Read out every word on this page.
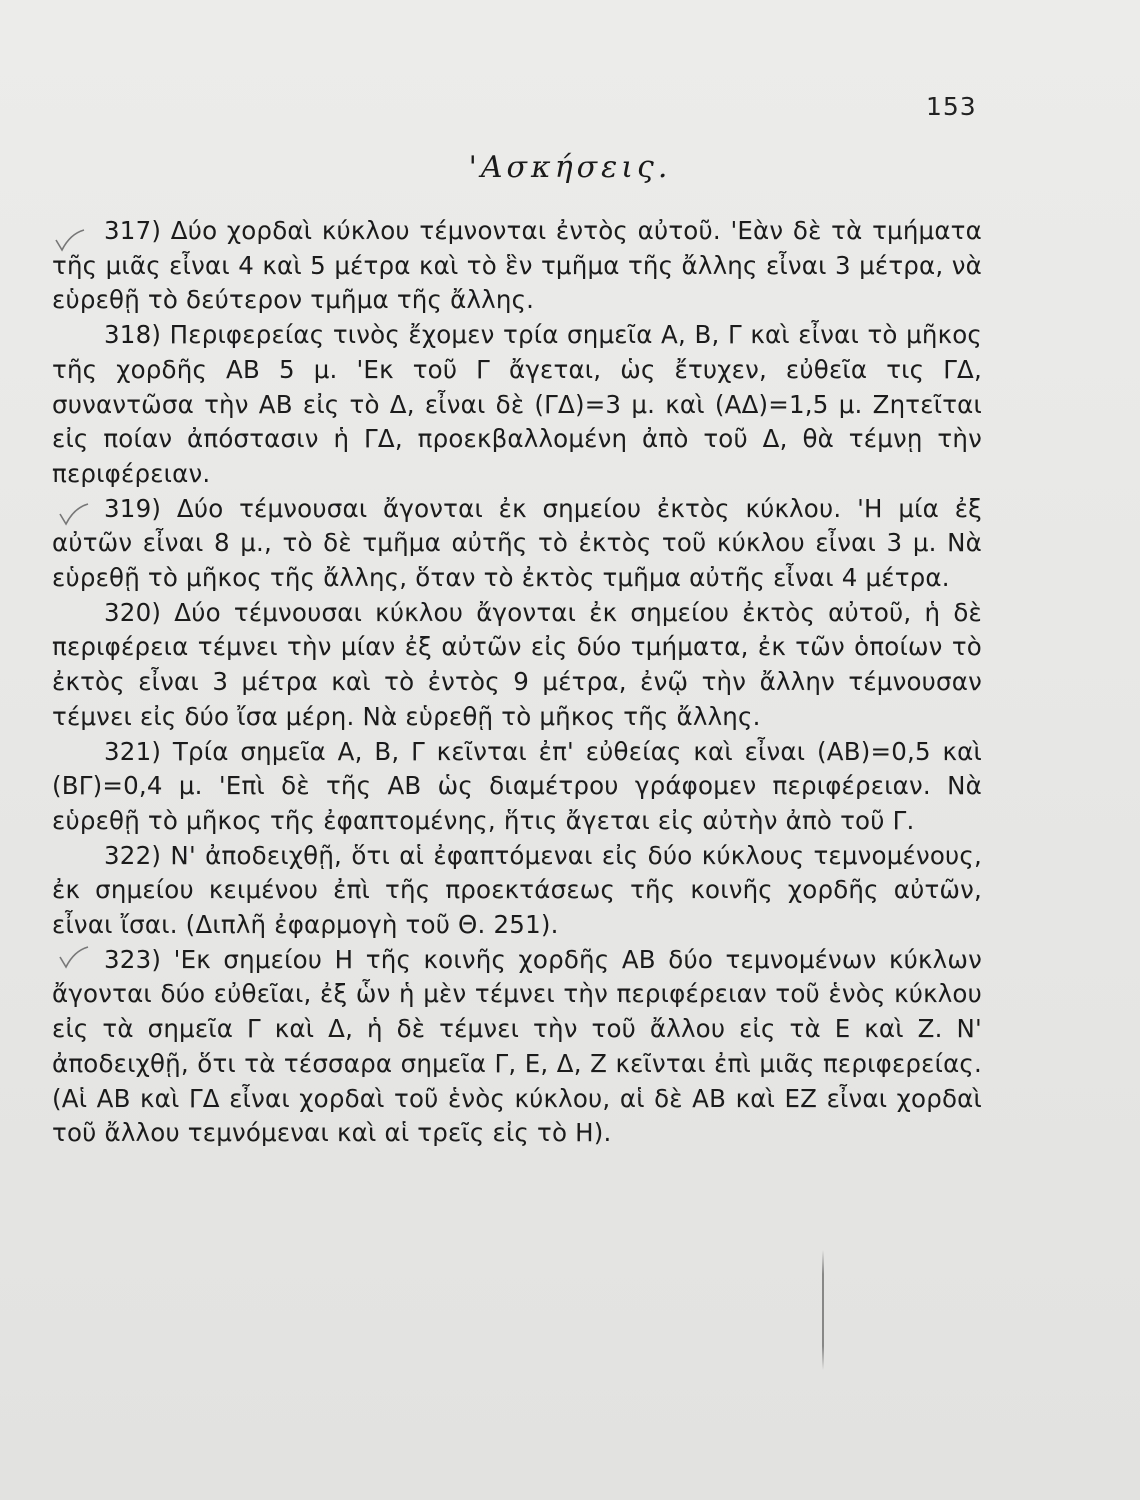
153
'Ασκήσεις.

317) Δύο χορδαὶ κύκλου τέμνονται ἐντὸς αὐτοῦ. 'Εὰν δὲ τὰ τμήματα τῆς μιᾶς εἶναι 4 καὶ 5 μέτρα καὶ τὸ ἓν τμῆμα τῆς ἄλλης εἶναι 3 μέτρα, νὰ εὑρεθῇ τὸ δεύτερον τμῆμα τῆς ἄλλης.

318) Περιφερείας τινὸς ἔχομεν τρία σημεῖα Α, Β, Γ καὶ εἶναι τὸ μῆκος τῆς χορδῆς ΑΒ 5 μ. 'Εκ τοῦ Γ ἄγεται, ὡς ἔτυχεν, εὐθεῖα τις ΓΔ, συναντῶσα τὴν ΑΒ εἰς τὸ Δ, εἶναι δὲ (ΓΔ)=3 μ. καὶ (ΑΔ)=1,5 μ. Ζητεῖται εἰς ποίαν ἀπόστασιν ἡ ΓΔ, προεκβαλλομένη ἀπὸ τοῦ Δ, θὰ τέμνῃ τὴν περιφέρειαν.

319) Δύο τέμνουσαι ἄγονται ἐκ σημείου ἐκτὸς κύκλου. 'Η μία ἐξ αὐτῶν εἶναι 8 μ., τὸ δὲ τμῆμα αὐτῆς τὸ ἐκτὸς τοῦ κύκλου εἶναι 3 μ. Νὰ εὑρεθῇ τὸ μῆκος τῆς ἄλλης, ὅταν τὸ ἐκτὸς τμῆμα αὐτῆς εἶναι 4 μέτρα.

320) Δύο τέμνουσαι κύκλου ἄγονται ἐκ σημείου ἐκτὸς αὐτοῦ, ἡ δὲ περιφέρεια τέμνει τὴν μίαν ἐξ αὐτῶν εἰς δύο τμήματα, ἐκ τῶν ὁποίων τὸ ἐκτὸς εἶναι 3 μέτρα καὶ τὸ ἐντὸς 9 μέτρα, ἐνῷ τὴν ἄλλην τέμνουσαν τέμνει εἰς δύο ἴσα μέρη. Νὰ εὑρεθῇ τὸ μῆκος τῆς ἄλλης.

321) Τρία σημεῖα Α, Β, Γ κεῖνται ἐπ' εὐθείας καὶ εἶναι (ΑΒ)=0,5 καὶ (ΒΓ)=0,4 μ. 'Επὶ δὲ τῆς ΑΒ ὡς διαμέτρου γράφομεν περιφέρειαν. Νὰ εὑρεθῇ τὸ μῆκος τῆς ἐφαπτομένης, ἥτις ἄγεται εἰς αὐτὴν ἀπὸ τοῦ Γ.

322) Ν' ἀποδειχθῇ, ὅτι αἱ ἐφαπτόμεναι εἰς δύο κύκλους τεμνομένους, ἐκ σημείου κειμένου ἐπὶ τῆς προεκτάσεως τῆς κοινῆς χορδῆς αὐτῶν, εἶναι ἴσαι. (Διπλῆ ἐφαρμογὴ τοῦ Θ. 251).

323) 'Εκ σημείου Η τῆς κοινῆς χορδῆς ΑΒ δύο τεμνομένων κύκλων ἄγονται δύο εὐθεῖαι, ἐξ ὧν ἡ μὲν τέμνει τὴν περιφέρειαν τοῦ ἑνὸς κύκλου εἰς τὰ σημεῖα Γ καὶ Δ, ἡ δὲ τέμνει τὴν τοῦ ἄλλου εἰς τὰ Ε καὶ Ζ. Ν' ἀποδειχθῇ, ὅτι τὰ τέσσαρα σημεῖα Γ, Ε, Δ, Ζ κεῖνται ἐπὶ μιᾶς περιφερείας. (Αἱ ΑΒ καὶ ΓΔ εἶναι χορδαὶ τοῦ ἑνὸς κύκλου, αἱ δὲ ΑΒ καὶ ΕΖ εἶναι χορδαὶ τοῦ ἄλλου τεμνόμεναι καὶ αἱ τρεῖς εἰς τὸ Η).
